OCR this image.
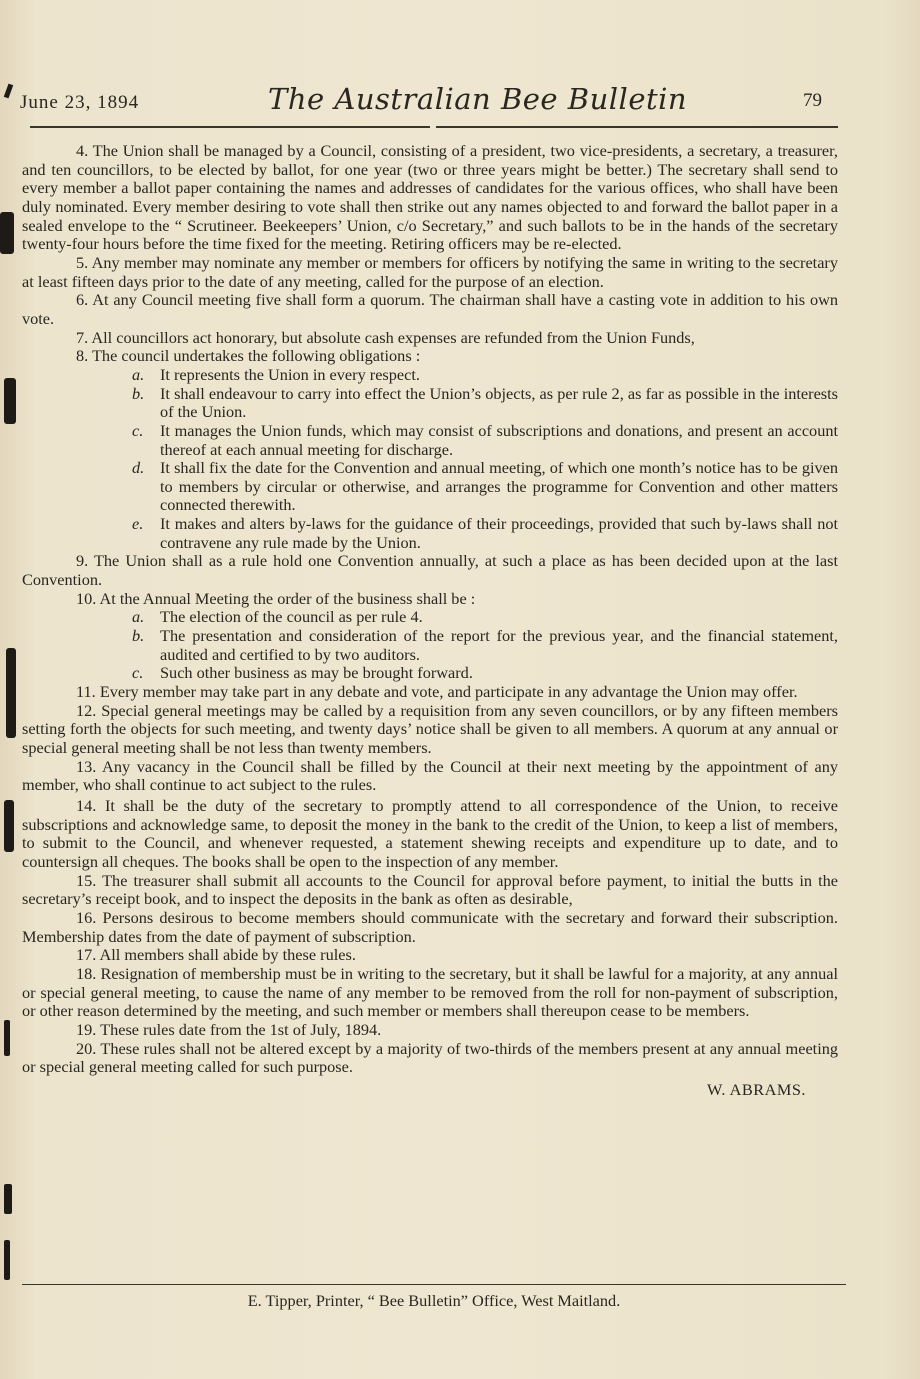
June 23, 1894	The Australian Bee Bulletin	79

4. The Union shall be managed by a Council, consisting of a president, two vice-presidents, a secretary, a treasurer, and ten councillors, to be elected by ballot, for one year (two or three years might be better.) The secretary shall send to every member a ballot paper containing the names and addresses of candidates for the various offices, who shall have been duly nominated. Every member desiring to vote shall then strike out any names objected to and forward the ballot paper in a sealed envelope to the “ Scrutineer. Beekeepers’ Union, c/o Secretary,” and such ballots to be in the hands of the secretary twenty-four hours before the time fixed for the meeting. Retiring officers may be re-elected.

5. Any member may nominate any member or members for officers by notifying the same in writing to the secretary at least fifteen days prior to the date of any meeting, called for the purpose of an election.

6. At any Council meeting five shall form a quorum. The chairman shall have a casting vote in addition to his own vote.

7. All councillors act honorary, but absolute cash expenses are refunded from the Union Funds,

8. The council undertakes the following obligations :

a. It represents the Union in every respect.

b. It shall endeavour to carry into effect the Union’s objects, as per rule 2, as far as possible in the interests of the Union.

c. It manages the Union funds, which may consist of subscriptions and donations, and present an account thereof at each annual meeting for discharge.

d. It shall fix the date for the Convention and annual meeting, of which one month’s notice has to be given to members by circular or otherwise, and arranges the programme for Convention and other matters connected therewith.

e. It makes and alters by-laws for the guidance of their proceedings, provided that such by-laws shall not contravene any rule made by the Union.

9. The Union shall as a rule hold one Convention annually, at such a place as has been decided upon at the last Convention.

10. At the Annual Meeting the order of the business shall be :

a. The election of the council as per rule 4.

b. The presentation and consideration of the report for the previous year, and the financial statement, audited and certified to by two auditors.

c. Such other business as may be brought forward.

11. Every member may take part in any debate and vote, and participate in any advantage the Union may offer.

12. Special general meetings may be called by a requisition from any seven councillors, or by any fifteen members setting forth the objects for such meeting, and twenty days’ notice shall be given to all members. A quorum at any annual or special general meeting shall be not less than twenty members.

13. Any vacancy in the Council shall be filled by the Council at their next meeting by the appointment of any member, who shall continue to act subject to the rules.

14. It shall be the duty of the secretary to promptly attend to all correspondence of the Union, to receive subscriptions and acknowledge same, to deposit the money in the bank to the credit of the Union, to keep a list of members, to submit to the Council, and whenever requested, a statement shewing receipts and expenditure up to date, and to countersign all cheques. The books shall be open to the inspection of any member.

15. The treasurer shall submit all accounts to the Council for approval before payment, to initial the butts in the secretary’s receipt book, and to inspect the deposits in the bank as often as desirable,

16. Persons desirous to become members should communicate with the secretary and forward their subscription. Membership dates from the date of payment of subscription.

17. All members shall abide by these rules.

18. Resignation of membership must be in writing to the secretary, but it shall be lawful for a majority, at any annual or special general meeting, to cause the name of any member to be removed from the roll for non-payment of subscription, or other reason determined by the meeting, and such member or members shall thereupon cease to be members.

19. These rules date from the 1st of July, 1894.

20. These rules shall not be altered except by a majority of two-thirds of the members present at any annual meeting or special general meeting called for such purpose.

W. ABRAMS.

E. Tipper, Printer, “ Bee Bulletin” Office, West Maitland.
